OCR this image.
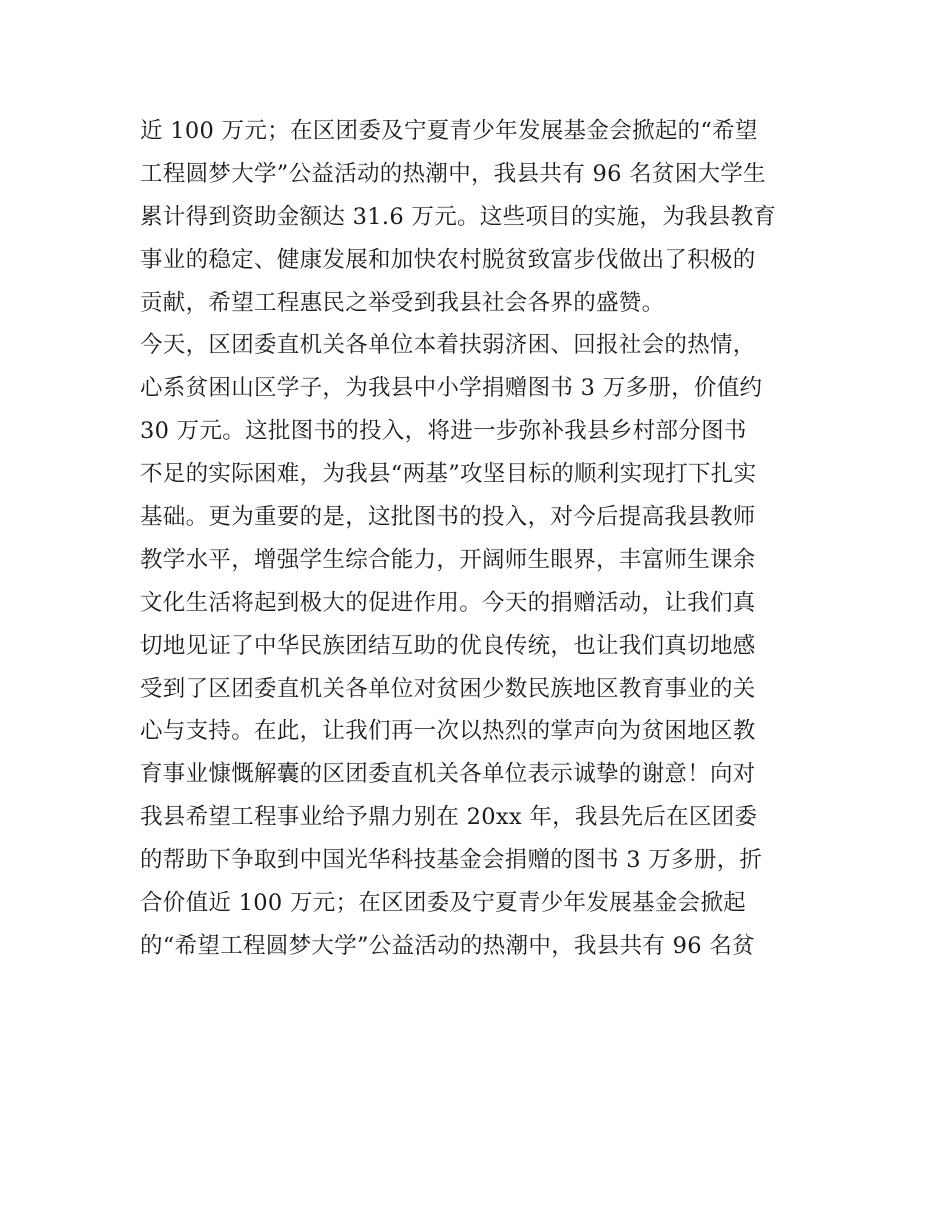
近 100 万元；在区团委及宁夏青少年发展基金会掀起的“希望
工程圆梦大学”公益活动的热潮中，我县共有 96 名贫困大学生
累计得到资助金额达 31.6 万元。这些项目的实施，为我县教育
事业的稳定、健康发展和加快农村脱贫致富步伐做出了积极的
贡献，希望工程惠民之举受到我县社会各界的盛赞。
今天，区团委直机关各单位本着扶弱济困、回报社会的热情，
心系贫困山区学子，为我县中小学捐赠图书 3 万多册，价值约
30 万元。这批图书的投入，将进一步弥补我县乡村部分图书
不足的实际困难，为我县“两基”攻坚目标的顺利实现打下扎实
基础。更为重要的是，这批图书的投入，对今后提高我县教师
教学水平，增强学生综合能力，开阔师生眼界，丰富师生课余
文化生活将起到极大的促进作用。今天的捐赠活动，让我们真
切地见证了中华民族团结互助的优良传统，也让我们真切地感
受到了区团委直机关各单位对贫困少数民族地区教育事业的关
心与支持。在此，让我们再一次以热烈的掌声向为贫困地区教
育事业慷慨解囊的区团委直机关各单位表示诚挚的谢意！向对
我县希望工程事业给予鼎力别在 20xx 年，我县先后在区团委
的帮助下争取到中国光华科技基金会捐赠的图书 3 万多册，折
合价值近 100 万元；在区团委及宁夏青少年发展基金会掀起
的“希望工程圆梦大学”公益活动的热潮中，我县共有 96 名贫
